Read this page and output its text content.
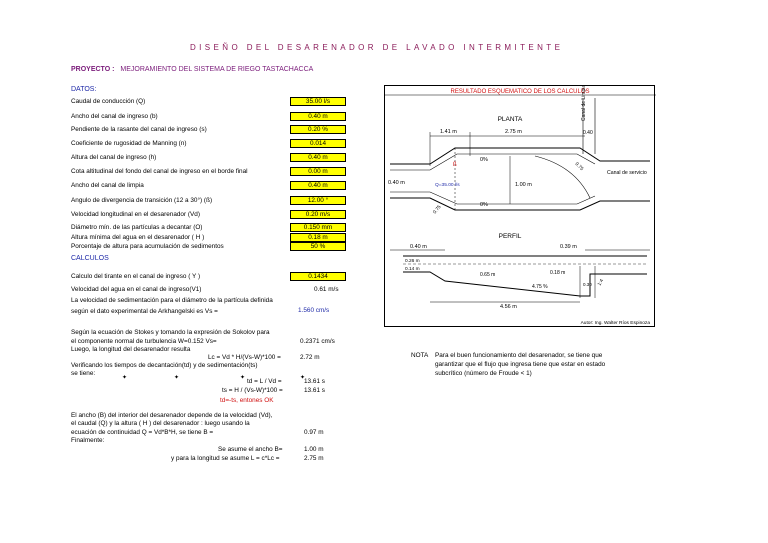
DISEÑO DEL DESARENADOR DE LAVADO INTERMITENTE
PROYECTO : MEJORAMIENTO DEL SISTEMA DE RIEGO TASTACHACCA
DATOS:
Caudal de conducción (Q)	35.00 l/s
Ancho del canal de ingreso (b)	0.40 m
Pendiente de la rasante del canal de ingreso (s)	0.20 %
Coeficiente de rugosidad de Manning (n)	0.014
Altura del canal de ingreso (h)	0.40 m
Cota altitudinal del fondo del canal de ingreso en el borde final	0.00 m
Ancho del canal de limpia	0.40 m
Angulo de divergencia de transición (12 a 30°) (ß)	12.00 °
Velocidad longitudinal en el desarenador (Vd)	0.20 m/s
Diámetro mín. de las partículas a decantar (O)	0.150 mm
Altura mínima del agua en el desarenador ( H )	0.18 m
Porcentaje de altura para acumulación de sedimentos	50 %
CALCULOS
Calculo del tirante en el canal de ingreso ( Y )	0.1434
Velocidad del agua en el canal de ingreso(V1)	0.61 m/s
La velocidad de sedimentación para el diámetro de la partícula definida
según el dato experimental de Arkhangelski es Vs =	1.560 cm/s
Según la ecuación de Stokes y tomando la expresión de Sokolov para
el componente normal de turbulencia W=0.152 Vs=	0.2371 cm/s
Luego, la longitud del desarenador resulta
Lc = Vd * H/(Vs-W)*100 =	2.72 m
Verificando los tiempos de decantación(td) y de sedimentación(ts)
se tiene:
✦	✦	✦	✦
td = L / Vd =	13.61 s
ts = H / (Vs-W)*100 =	13.61 s
td=-ts, entones OK
El ancho (B) del interior del desarenador depende de la velocidad (Vd),
el caudal (Q) y la altura ( H ) del desarenador : luego usando la
ecuación de continuidad Q = Vd*B*H, se tiene B =	0.97 m
Finalmente:
Se asume el ancho B=	1.00 m
y para la longitud se asume L = c*Lc =	2.75 m
NOTA Para el buen funcionamiento del desarenador, se tiene que
garantizar que el flujo que ingresa tiene que estar en estado
subcrítico (número de Froude < 1)
RESULTADO ESQUEMATICO DE LOS CALCULOS
PLANTA	Canal de Limpia
0.40
1.41 m	2.75 m
0.40 m	Q=35.00 l/s	1.00 m
0%
0%
ß
0.75
0.75
Canal de servicio
PERFIL
0.40 m	0.39 m
0.26 m
0.14 m
0.65 m	0.18 m
4.75 %	0.30 1:4
4.56 m
Autor: Ing. Walter Ríos Espinoza
